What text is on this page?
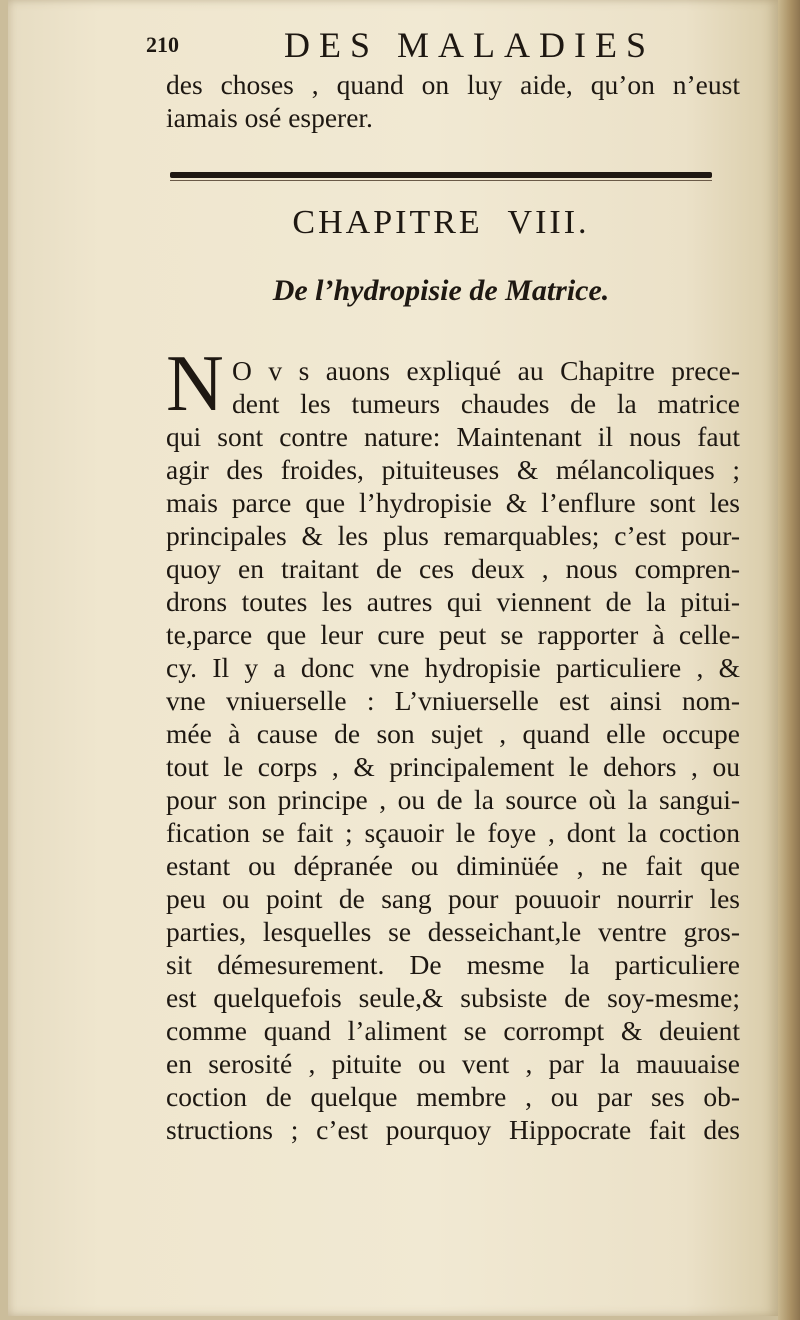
210	DES MALADIES
des choses , quand on luy aide, qu’on n’eust
iamais osé esperer.
CHAPITRE VIII.
De l’hydropisie de Matrice.
N O v s auons expliqué au Chapitre prece-
dent les tumeurs chaudes de la matrice
qui sont contre nature: Maintenant il nous faut
agir des froides, pituiteuses & mélancoliques ;
mais parce que l’hydropisie & l’enflure sont les
principales & les plus remarquables; c’est pour-
quoy en traitant de ces deux , nous compren-
drons toutes les autres qui viennent de la pitui-
te,parce que leur cure peut se rapporter à celle-
cy. Il y a donc vne hydropisie particuliere , &
vne vniuerselle : L’vniuerselle est ainsi nom-
mée à cause de son sujet , quand elle occupe
tout le corps , & principalement le dehors , ou
pour son principe , ou de la source où la sangui-
fication se fait ; sçauoir le foye , dont la coction
estant ou dépranée ou diminüée , ne fait que
peu ou point de sang pour pouuoir nourrir les
parties, lesquelles se desseichant,le ventre gros-
sit démesurement. De mesme la particuliere
est quelquefois seule,& subsiste de soy-mesme;
comme quand l’aliment se corrompt & deuient
en serosité , pituite ou vent , par la mauuaise
coction de quelque membre , ou par ses ob-
structions ; c’est pourquoy Hippocrate fait des
